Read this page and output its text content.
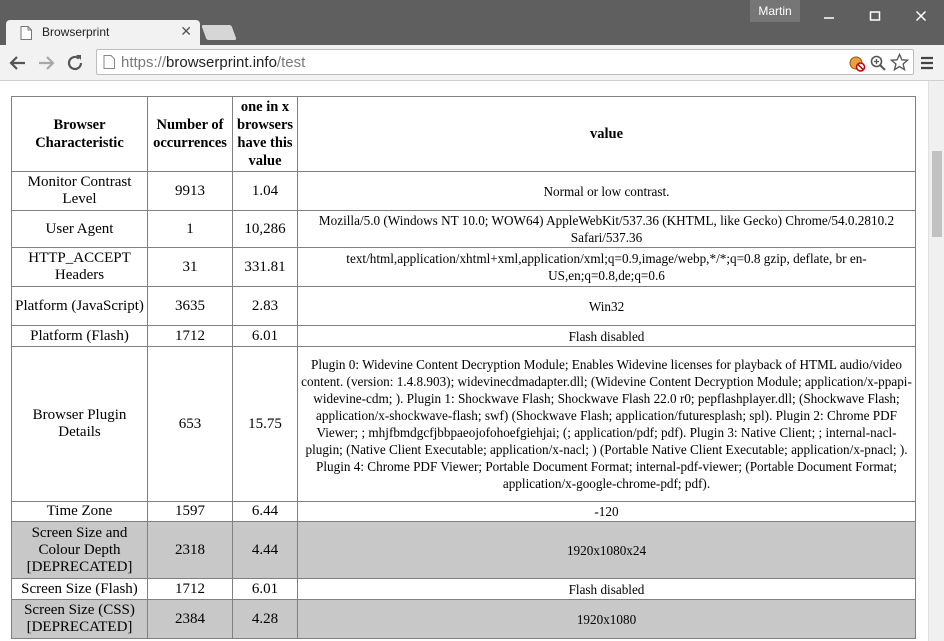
Browserprint	✕
Martin
https://browserprint.info/test
Browser Characteristic	Number of occurrences	one in x browsers have this value	value
Monitor Contrast Level	9913	1.04	Normal or low contrast.
User Agent	1	10,286	Mozilla/5.0 (Windows NT 10.0; WOW64) AppleWebKit/537.36 (KHTML, like Gecko) Chrome/54.0.2810.2 Safari/537.36
HTTP_ACCEPT Headers	31	331.81	text/html,application/xhtml+xml,application/xml;q=0.9,image/webp,*/*;q=0.8 gzip, deflate, br en-US,en;q=0.8,de;q=0.6
Platform (JavaScript)	3635	2.83	Win32
Platform (Flash)	1712	6.01	Flash disabled
Browser Plugin Details	653	15.75	Plugin 0: Widevine Content Decryption Module; Enables Widevine licenses for playback of HTML audio/video content. (version: 1.4.8.903); widevinecdmadapter.dll; (Widevine Content Decryption Module; application/x-ppapi-widevine-cdm; ). Plugin 1: Shockwave Flash; Shockwave Flash 22.0 r0; pepflashplayer.dll; (Shockwave Flash; application/x-shockwave-flash; swf) (Shockwave Flash; application/futuresplash; spl). Plugin 2: Chrome PDF Viewer; ; mhjfbmdgcfjbbpaeojofohoefgiehjai; (; application/pdf; pdf). Plugin 3: Native Client; ; internal-nacl-plugin; (Native Client Executable; application/x-nacl; ) (Portable Native Client Executable; application/x-pnacl; ). Plugin 4: Chrome PDF Viewer; Portable Document Format; internal-pdf-viewer; (Portable Document Format; application/x-google-chrome-pdf; pdf).
Time Zone	1597	6.44	-120
Screen Size and Colour Depth [DEPRECATED]	2318	4.44	1920x1080x24
Screen Size (Flash)	1712	6.01	Flash disabled
Screen Size (CSS) [DEPRECATED]	2384	4.28	1920x1080
